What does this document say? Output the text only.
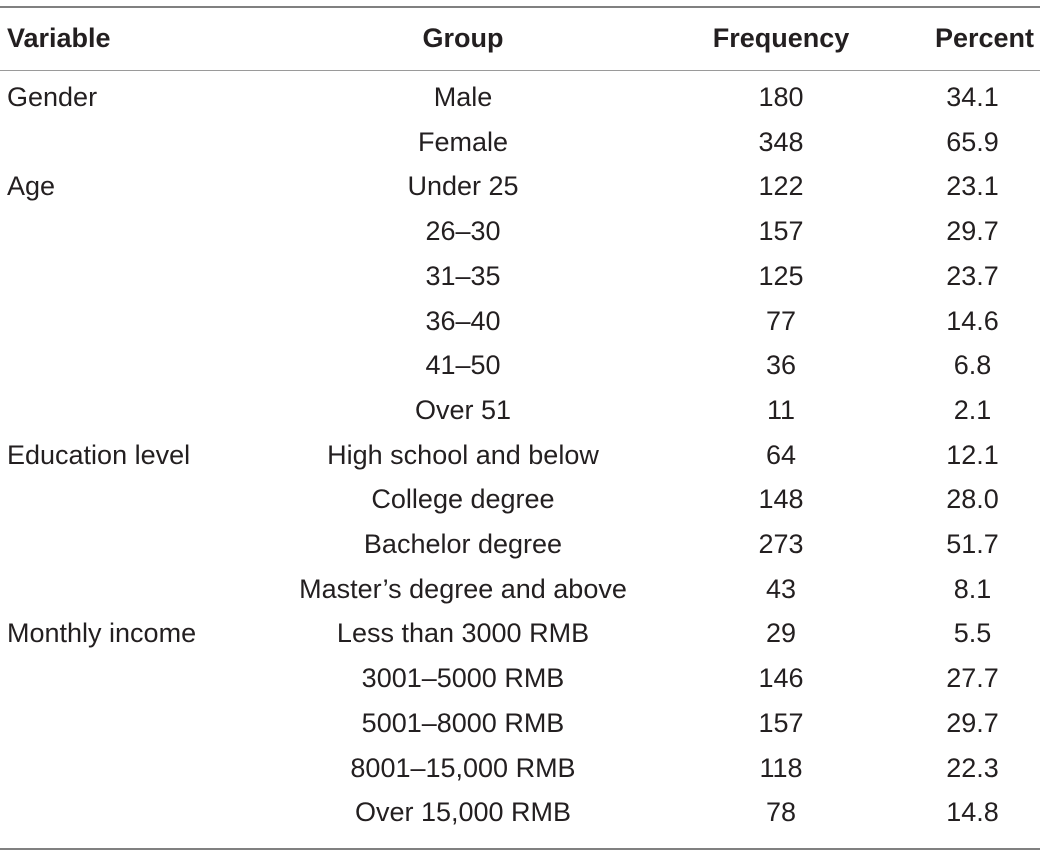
Variable	Group	Frequency	Percent
Gender	Male	180	34.1
	Female	348	65.9
Age	Under 25	122	23.1
	26–30	157	29.7
	31–35	125	23.7
	36–40	77	14.6
	41–50	36	6.8
	Over 51	11	2.1
Education level	High school and below	64	12.1
	College degree	148	28.0
	Bachelor degree	273	51.7
	Master’s degree and above	43	8.1
Monthly income	Less than 3000 RMB	29	5.5
	3001–5000 RMB	146	27.7
	5001–8000 RMB	157	29.7
	8001–15,000 RMB	118	22.3
	Over 15,000 RMB	78	14.8
